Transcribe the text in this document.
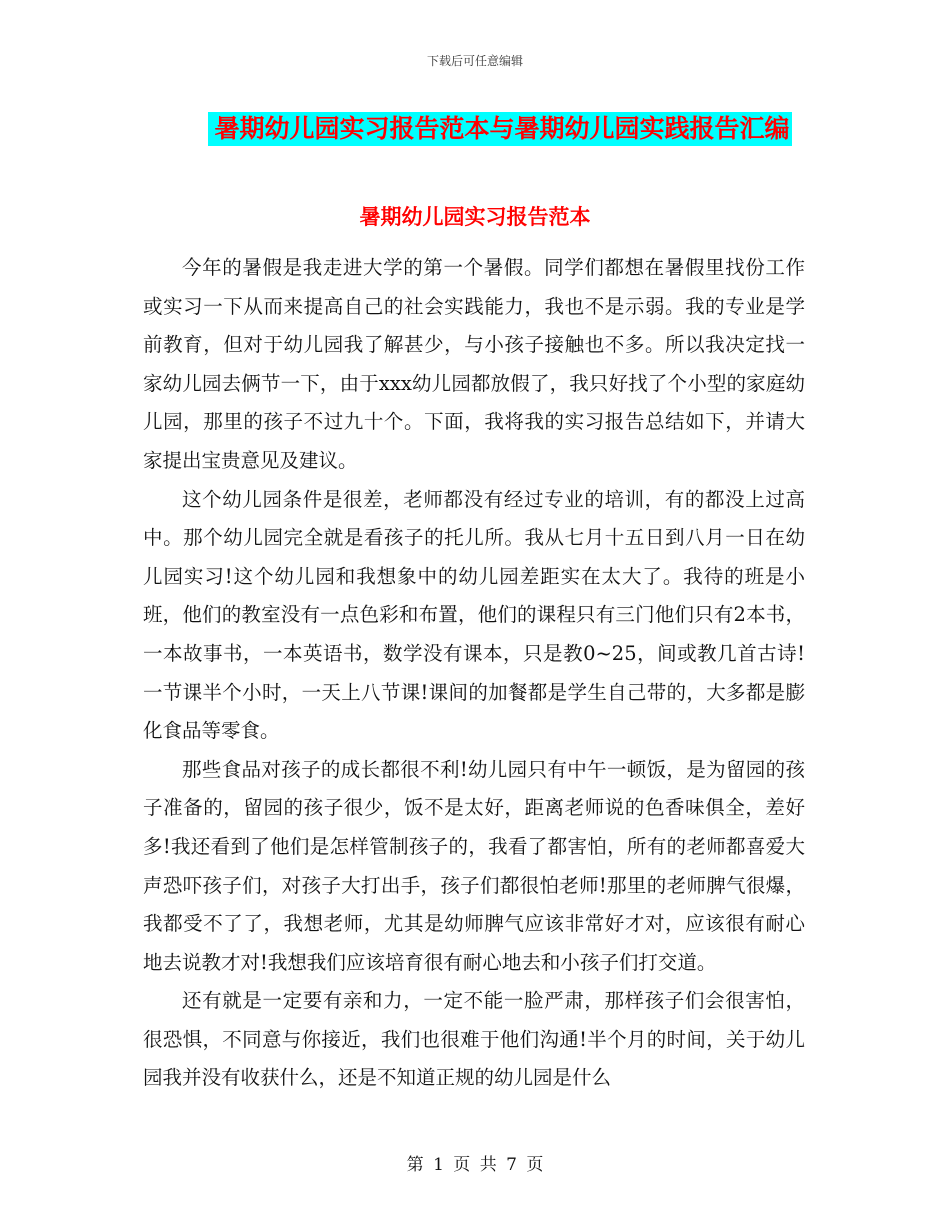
下载后可任意编辑
暑期幼儿园实习报告范本与暑期幼儿园实践报告汇编
暑期幼儿园实习报告范本

今年的暑假是我走进大学的第一个暑假。同学们都想在暑假里找份工作或实习一下从而来提高自己的社会实践能力，我也不是示弱。我的专业是学前教育，但对于幼儿园我了解甚少，与小孩子接触也不多。所以我决定找一家幼儿园去俩节一下，由于xxx幼儿园都放假了，我只好找了个小型的家庭幼儿园，那里的孩子不过九十个。下面，我将我的实习报告总结如下，并请大家提出宝贵意见及建议。

这个幼儿园条件是很差，老师都没有经过专业的培训，有的都没上过高中。那个幼儿园完全就是看孩子的托儿所。我从七月十五日到八月一日在幼儿园实习!这个幼儿园和我想象中的幼儿园差距实在太大了。我待的班是小班，他们的教室没有一点色彩和布置，他们的课程只有三门他们只有2本书，一本故事书，一本英语书，数学没有课本，只是教0~25，间或教几首古诗!一节课半个小时，一天上八节课!课间的加餐都是学生自己带的，大多都是膨化食品等零食。

那些食品对孩子的成长都很不利!幼儿园只有中午一顿饭，是为留园的孩子准备的，留园的孩子很少，饭不是太好，距离老师说的色香味俱全，差好多!我还看到了他们是怎样管制孩子的，我看了都害怕，所有的老师都喜爱大声恐吓孩子们，对孩子大打出手，孩子们都很怕老师!那里的老师脾气很爆，我都受不了了，我想老师，尤其是幼师脾气应该非常好才对，应该很有耐心地去说教才对!我想我们应该培育很有耐心地去和小孩子们打交道。

还有就是一定要有亲和力，一定不能一脸严肃，那样孩子们会很害怕，很恐惧，不同意与你接近，我们也很难于他们沟通!半个月的时间，关于幼儿园我并没有收获什么，还是不知道正规的幼儿园是什么

第 1 页 共 7 页
